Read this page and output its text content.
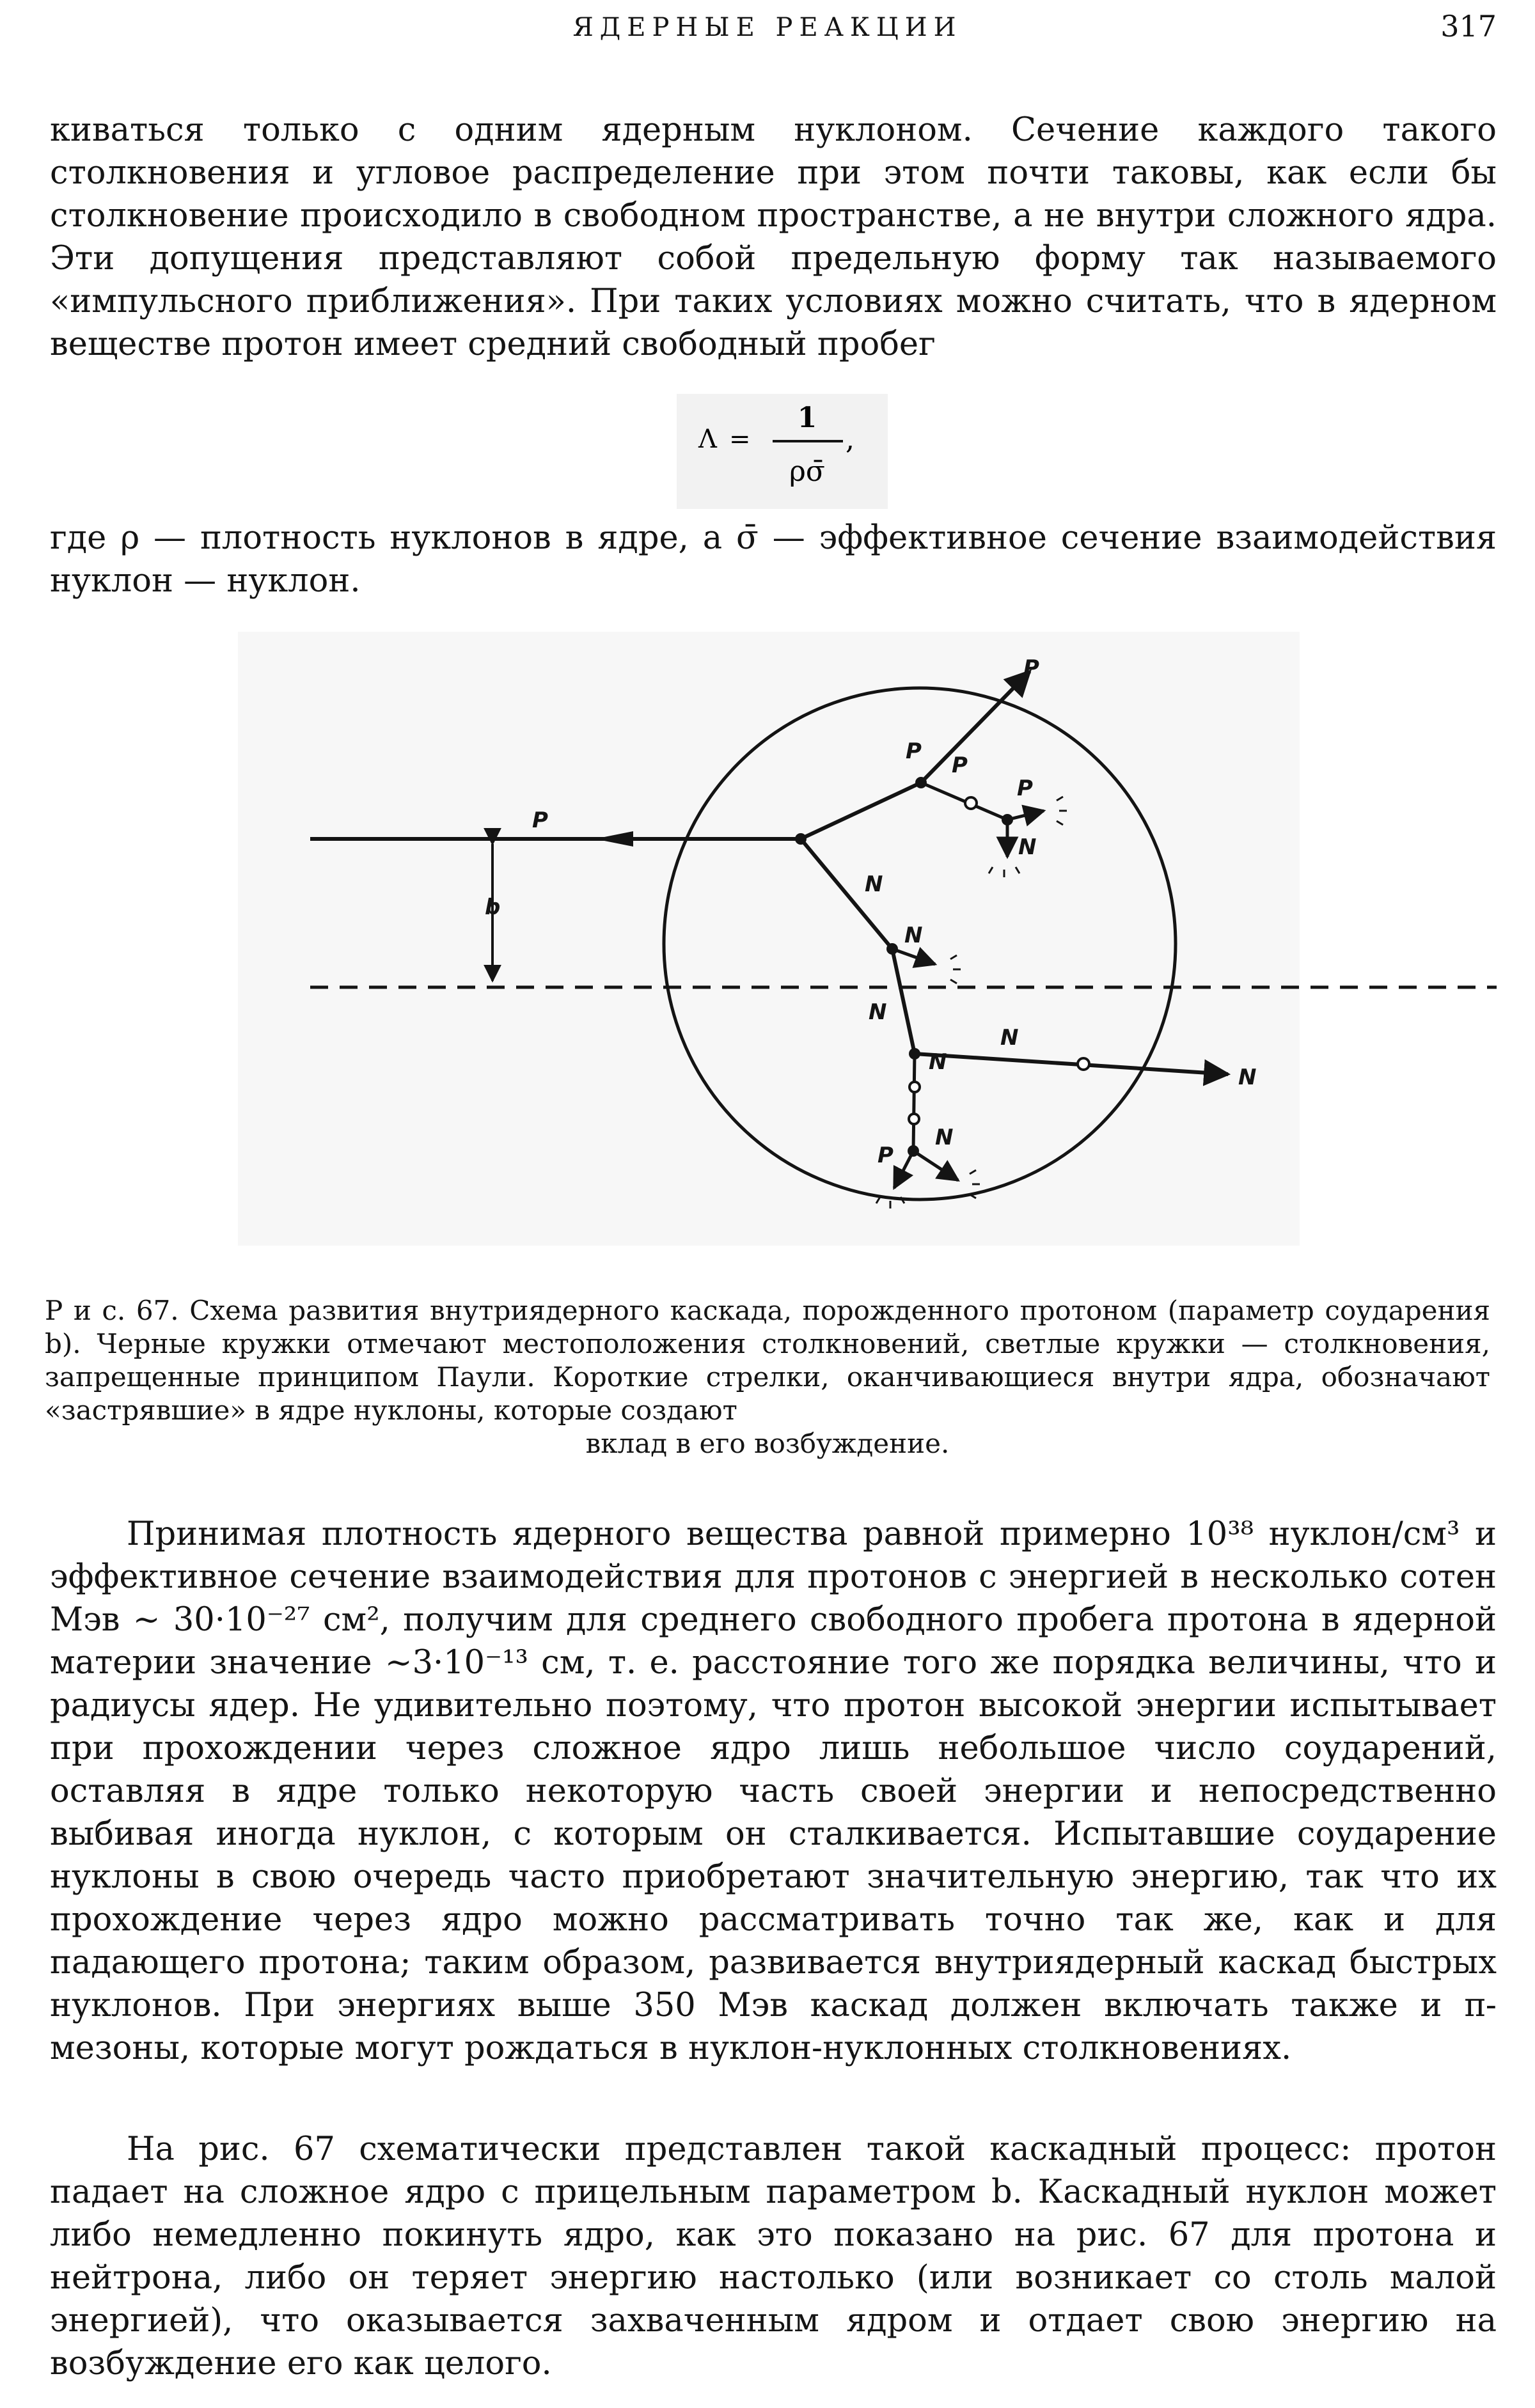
ЯДЕРНЫЕ РЕАКЦИИ	317

киваться только с одним ядерным нуклоном. Сечение каждого такого столкновения и угловое распределение при этом почти таковы, как если бы столкновение происходило в свободном пространстве, а не внутри сложного ядра. Эти допущения представляют собой предельную форму так называемого «импульсного приближения». При таких условиях можно считать, что в ядерном веществе протон имеет средний свободный пробег

Λ =
1
ρσ̄
,

где ρ — плотность нуклонов в ядре, а σ̄ — эффективное сечение взаимодействия нуклон — нуклон.

P
b
P
P
P
P
N
N
N
N
N
N
N
N
P

Р и с. 67. Схема развития внутриядерного каскада, порожденного протоном (параметр соударения b). Черные кружки отмечают местоположения столкновений, светлые кружки — столкновения, запрещенные принципом Паули. Короткие стрелки, оканчивающиеся внутри ядра, обозначают «застрявшие» в ядре нуклоны, которые создают
вклад в его возбуждение.

Принимая плотность ядерного вещества равной примерно 10³⁸ нуклон/см³ и эффективное сечение взаимодействия для протонов с энергией в несколько сотен Мэв ∼ 30·10⁻²⁷ см², получим для среднего свободного пробега протона в ядерной материи значение ∼3·10⁻¹³ см, т. е. расстояние того же порядка величины, что и радиусы ядер. Не удивительно поэтому, что протон высокой энергии испытывает при прохождении через сложное ядро лишь небольшое число соударений, оставляя в ядре только некоторую часть своей энергии и непосредственно выбивая иногда нуклон, с которым он сталкивается. Испытавшие соударение нуклоны в свою очередь часто приобретают значительную энергию, так что их прохождение через ядро можно рассматривать точно так же, как и для падающего протона; таким образом, развивается внутриядерный каскад быстрых нуклонов. При энергиях выше 350 Мэв каскад должен включать также и π-мезоны, которые могут рождаться в нуклон-нуклонных столкновениях.

На рис. 67 схематически представлен такой каскадный процесс: протон падает на сложное ядро с прицельным параметром b. Каскадный нуклон может либо немедленно покинуть ядро, как это показано на рис. 67 для протона и нейтрона, либо он теряет энергию настолько (или возникает со столь малой энергией), что оказывается захваченным ядром и отдает свою энергию на возбуждение его как целого.
